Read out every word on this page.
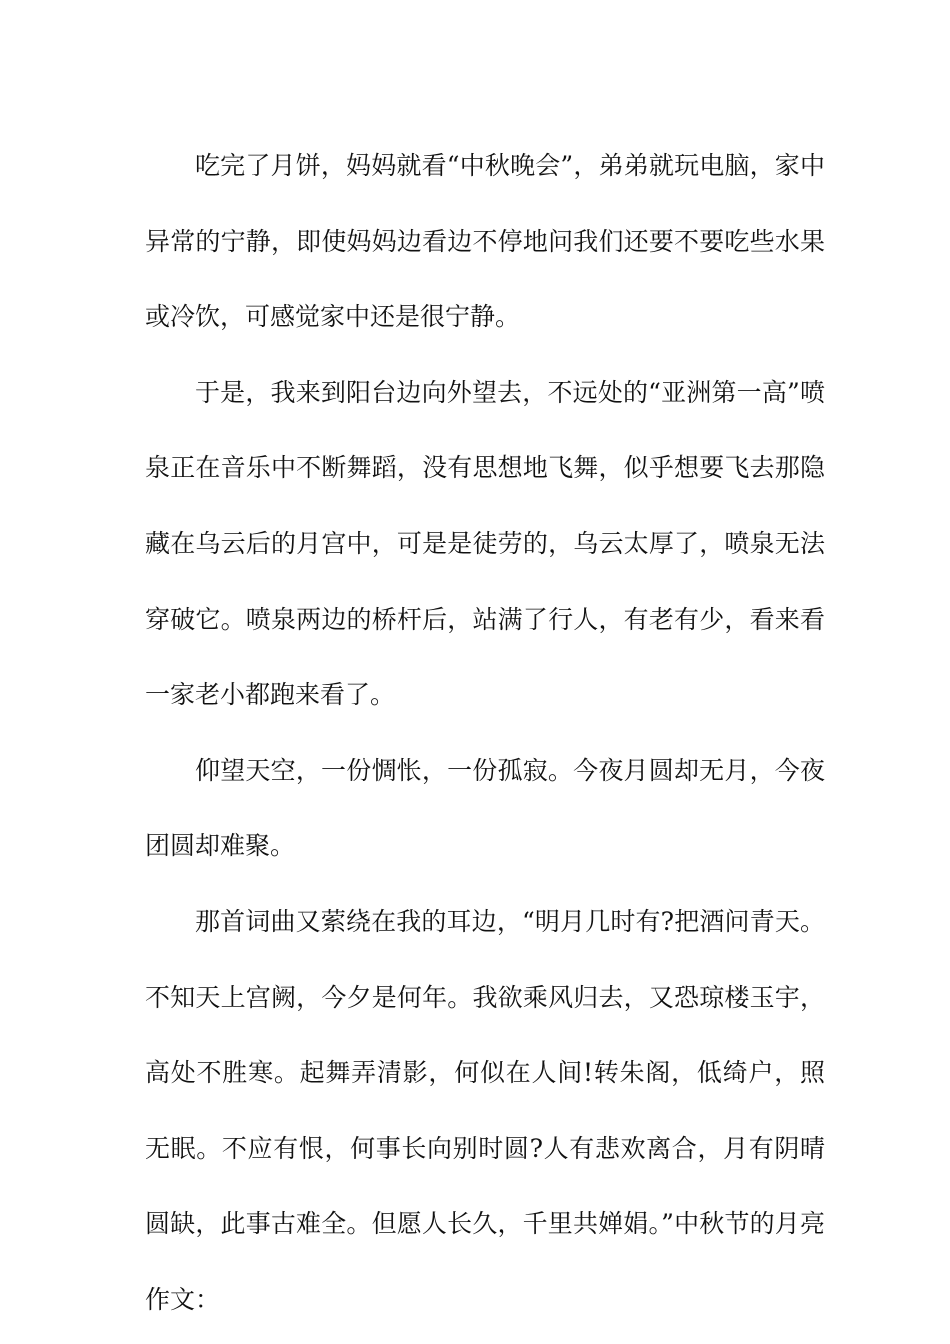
吃完了月饼，妈妈就看“中秋晚会”，弟弟就玩电脑，家中异常的宁静，即使妈妈边看边不停地问我们还要不要吃些水果或冷饮，可感觉家中还是很宁静。

于是，我来到阳台边向外望去，不远处的“亚洲第一高”喷泉正在音乐中不断舞蹈，没有思想地飞舞，似乎想要飞去那隐藏在乌云后的月宫中，可是是徒劳的，乌云太厚了，喷泉无法穿破它。喷泉两边的桥杆后，站满了行人，有老有少，看来看一家老小都跑来看了。

仰望天空，一份惆怅，一份孤寂。今夜月圆却无月，今夜团圆却难聚。

那首词曲又萦绕在我的耳边，“明月几时有?把酒问青天。不知天上宫阙，今夕是何年。我欲乘风归去，又恐琼楼玉宇，高处不胜寒。起舞弄清影，何似在人间!转朱阁，低绮户，照无眠。不应有恨，何事长向别时圆?人有悲欢离合，月有阴晴圆缺，此事古难全。但愿人长久，千里共婵娟。”中秋节的月亮作文：
